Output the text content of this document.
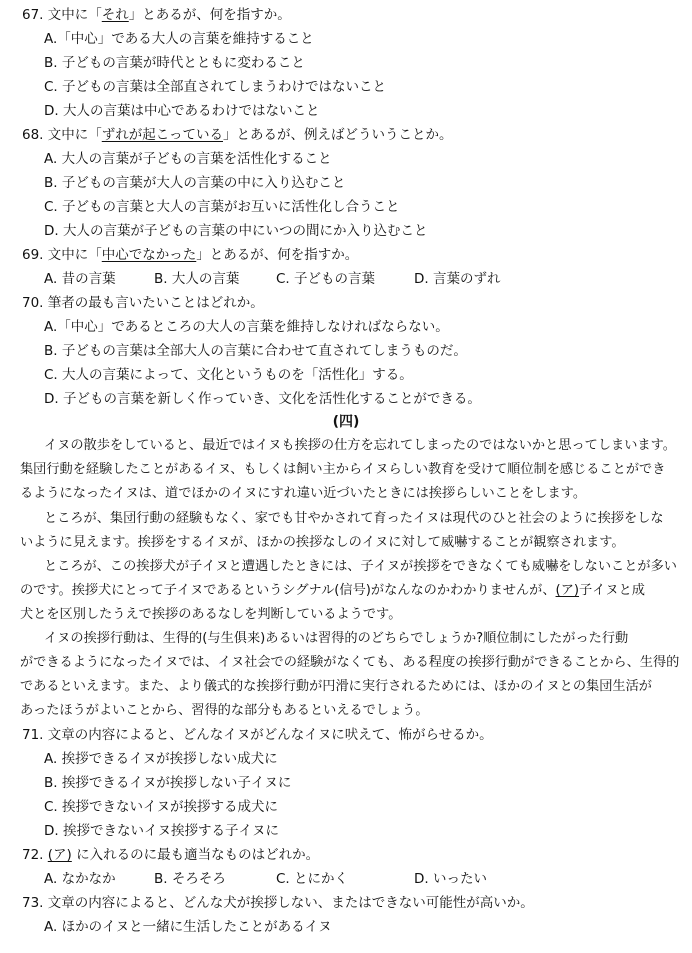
67. 文中に「それ」とあるが、何を指すか。
A.「中心」である大人の言葉を維持すること
B. 子どもの言葉が時代とともに変わること
C. 子どもの言葉は全部直されてしまうわけではないこと
D. 大人の言葉は中心であるわけではないこと
68. 文中に「ずれが起こっている」とあるが、例えばどういうことか。
A. 大人の言葉が子どもの言葉を活性化すること
B. 子どもの言葉が大人の言葉の中に入り込むこと
C. 子どもの言葉と大人の言葉がお互いに活性化し合うこと
D. 大人の言葉が子どもの言葉の中にいつの間にか入り込むこと
69. 文中に「中心でなかった」とあるが、何を指すか。
A. 昔の言葉	B. 大人の言葉	C. 子どもの言葉	D. 言葉のずれ
70. 筆者の最も言いたいことはどれか。
A.「中心」であるところの大人の言葉を維持しなければならない。
B. 子どもの言葉は全部大人の言葉に合わせて直されてしまうものだ。
C. 大人の言葉によって、文化というものを「活性化」する。
D. 子どもの言葉を新しく作っていき、文化を活性化することができる。
(四)
イヌの散歩をしていると、最近ではイヌも挨拶の仕方を忘れてしまったのではないかと思ってしまいます。
集団行動を経験したことがあるイヌ、もしくは飼い主からイヌらしい教育を受けて順位制を感じることができ
るようになったイヌは、道でほかのイヌにすれ違い近づいたときには挨拶らしいことをします。
ところが、集団行動の経験もなく、家でも甘やかされて育ったイヌは現代のひと社会のように挨拶をしな
いように見えます。挨拶をするイヌが、ほかの挨拶なしのイヌに対して威嚇することが観察されます。
ところが、この挨拶犬が子イヌと遭遇したときには、子イヌが挨拶をできなくても威嚇をしないことが多い
のです。挨拶犬にとって子イヌであるというシグナル(信号)がなんなのかわかりませんが、(ア)子イヌと成
犬とを区別したうえで挨拶のあるなしを判断しているようです。
イヌの挨拶行動は、生得的(与生俱来)あるいは習得的のどちらでしょうか?順位制にしたがった行動
ができるようになったイヌでは、イヌ社会での経験がなくても、ある程度の挨拶行動ができることから、生得的
であるといえます。また、より儀式的な挨拶行動が円滑に実行されるためには、ほかのイヌとの集団生活が
あったほうがよいことから、習得的な部分もあるといえるでしょう。
71. 文章の内容によると、どんなイヌがどんなイヌに吠えて、怖がらせるか。
A. 挨拶できるイヌが挨拶しない成犬に
B. 挨拶できるイヌが挨拶しない子イヌに
C. 挨拶できないイヌが挨拶する成犬に
D. 挨拶できないイヌ挨拶する子イヌに
72. (ア) に入れるのに最も適当なものはどれか。
A. なかなか	B. そろそろ	C. とにかく	D. いったい
73. 文章の内容によると、どんな犬が挨拶しない、またはできない可能性が高いか。
A. ほかのイヌと一緒に生活したことがあるイヌ
